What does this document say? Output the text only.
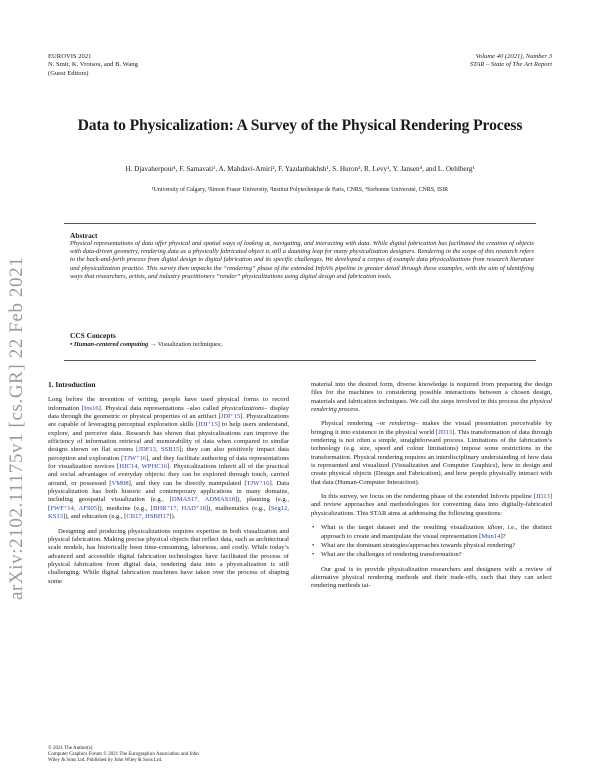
EUROVIS 2021
N. Smit, K. Vrotsou, and B. Wang
(Guest Editors)
Volume 40 (2021), Number 3
STAR – State of The Art Report
arXiv:2102.11175v1 [cs.GR] 22 Feb 2021
Data to Physicalization: A Survey of the Physical Rendering Process
H. Djavaherpour¹, F. Samavati¹, A. Mahdavi-Amiri², F. Yazdanbakhsh¹, S. Huron³, R. Levy¹, Y. Jansen⁴, and L. Oehlberg¹
¹University of Calgary, ²Simon Fraser University, ³Institut Polytechnique de Paris, CNRS, ⁴Sorbonne Université, CNRS, ISIR
Abstract
Physical representations of data offer physical and spatial ways of looking at, navigating, and interacting with data. While digital fabrication has facilitated the creation of objects with data-driven geometry, rendering data as a physically fabricated object is still a daunting leap for many physicalization designers. Rendering in the scope of this research refers to the back-and-forth process from digital design to digital fabrication and its specific challenges. We developed a corpus of example data physicalizations from research literature and physicalization practice. This survey then unpacks the “rendering” phase of the extended InfoVis pipeline in greater detail through these examples, with the aim of identifying ways that researchers, artists, and industry practitioners “render” physicalizations using digital design and fabrication tools.
CCS Concepts
• Human-centered computing → Visualization techniques;
1. Introduction

Long before the invention of writing, people have used physical forms to record information [Ins16]. Physical data representations –also called physicalizations– display data through the geometric or physical properties of an artifact [JDI⁺15]. Physicalizations are capable of leveraging perceptual exploration skills [JDI⁺15] to help users understand, explore, and perceive data. Research has shown that physicalizations can improve the efficiency of information retrieval and memorability of data when compared to similar designs shown on flat screens [JDF13, SSB15]; they can also positively impact data perception and exploration [TJW⁺16], and they facilitate authoring of data representations for visualization novices [HJC14, WPHC16]. Physicalizations inherit all of the practical and social advantages of everyday objects: they can be explored through touch, carried around, or possessed [VM08], and they can be directly manipulated [TJW⁺16]. Data physicalization has both historic and contemporary applications in many domains, including geospatial visualization (e.g., [DMAS17, ADMAS18]), planning (e.g., [FWF⁺14, AFS05]), medicine (e.g., [BHR⁺17, HAD⁺18]), mathematics (e.g., [Seg12, KS13]), and education (e.g., [CB17, HSBH17]).

Designing and producing physicalizations requires expertise in both visualization and physical fabrication. Making precise physical objects that reflect data, such as architectural scale models, has historically been time-consuming, laborious, and costly. While today’s advanced and accessible digital fabrication technologies have facilitated the process of physical fabrication from digital data, rendering data into a physicalization is still challenging. While digital fabrication machines have taken over the process of shaping some

material into the desired form, diverse knowledge is required from preparing the design files for the machines to considering possible interactions between a chosen design, materials and fabrication techniques. We call the steps involved in this process the physical rendering process.

Physical rendering –or rendering– makes the visual presentation perceivable by bringing it into existence in the physical world [JD13]. This transformation of data through rendering is not often a simple, straightforward process. Limitations of the fabrication’s technology (e.g. size, speed and colour limitations) impose some restrictions in the transformation. Physical rendering requires an interdisciplinary understanding of how data is represented and visualized (Visualization and Computer Graphics), how to design and create physical objects (Design and Fabrication), and how people physically interact with that data (Human-Computer Interaction).

In this survey, we focus on the rendering phase of the extended Infovis pipeline [JD13] and review approaches and methodologies for converting data into digitally-fabricated physicalizations. This STAR aims at addressing the following questions:

• What is the target dataset and the resulting visualization idiom, i.e., the distinct approach to create and manipulate the visual representation [Mun14]?
• What are the dominant strategies/approaches towards physical rendering?
• What are the challenges of rendering transformation?

Our goal is to provide physicalization researchers and designers with a review of alternative physical rendering methods and their trade-offs, such that they can select rendering methods tai-

© 2021 The Author(s)
Computer Graphics Forum © 2021 The Eurographics Association and John
Wiley & Sons Ltd. Published by John Wiley & Sons Ltd.
